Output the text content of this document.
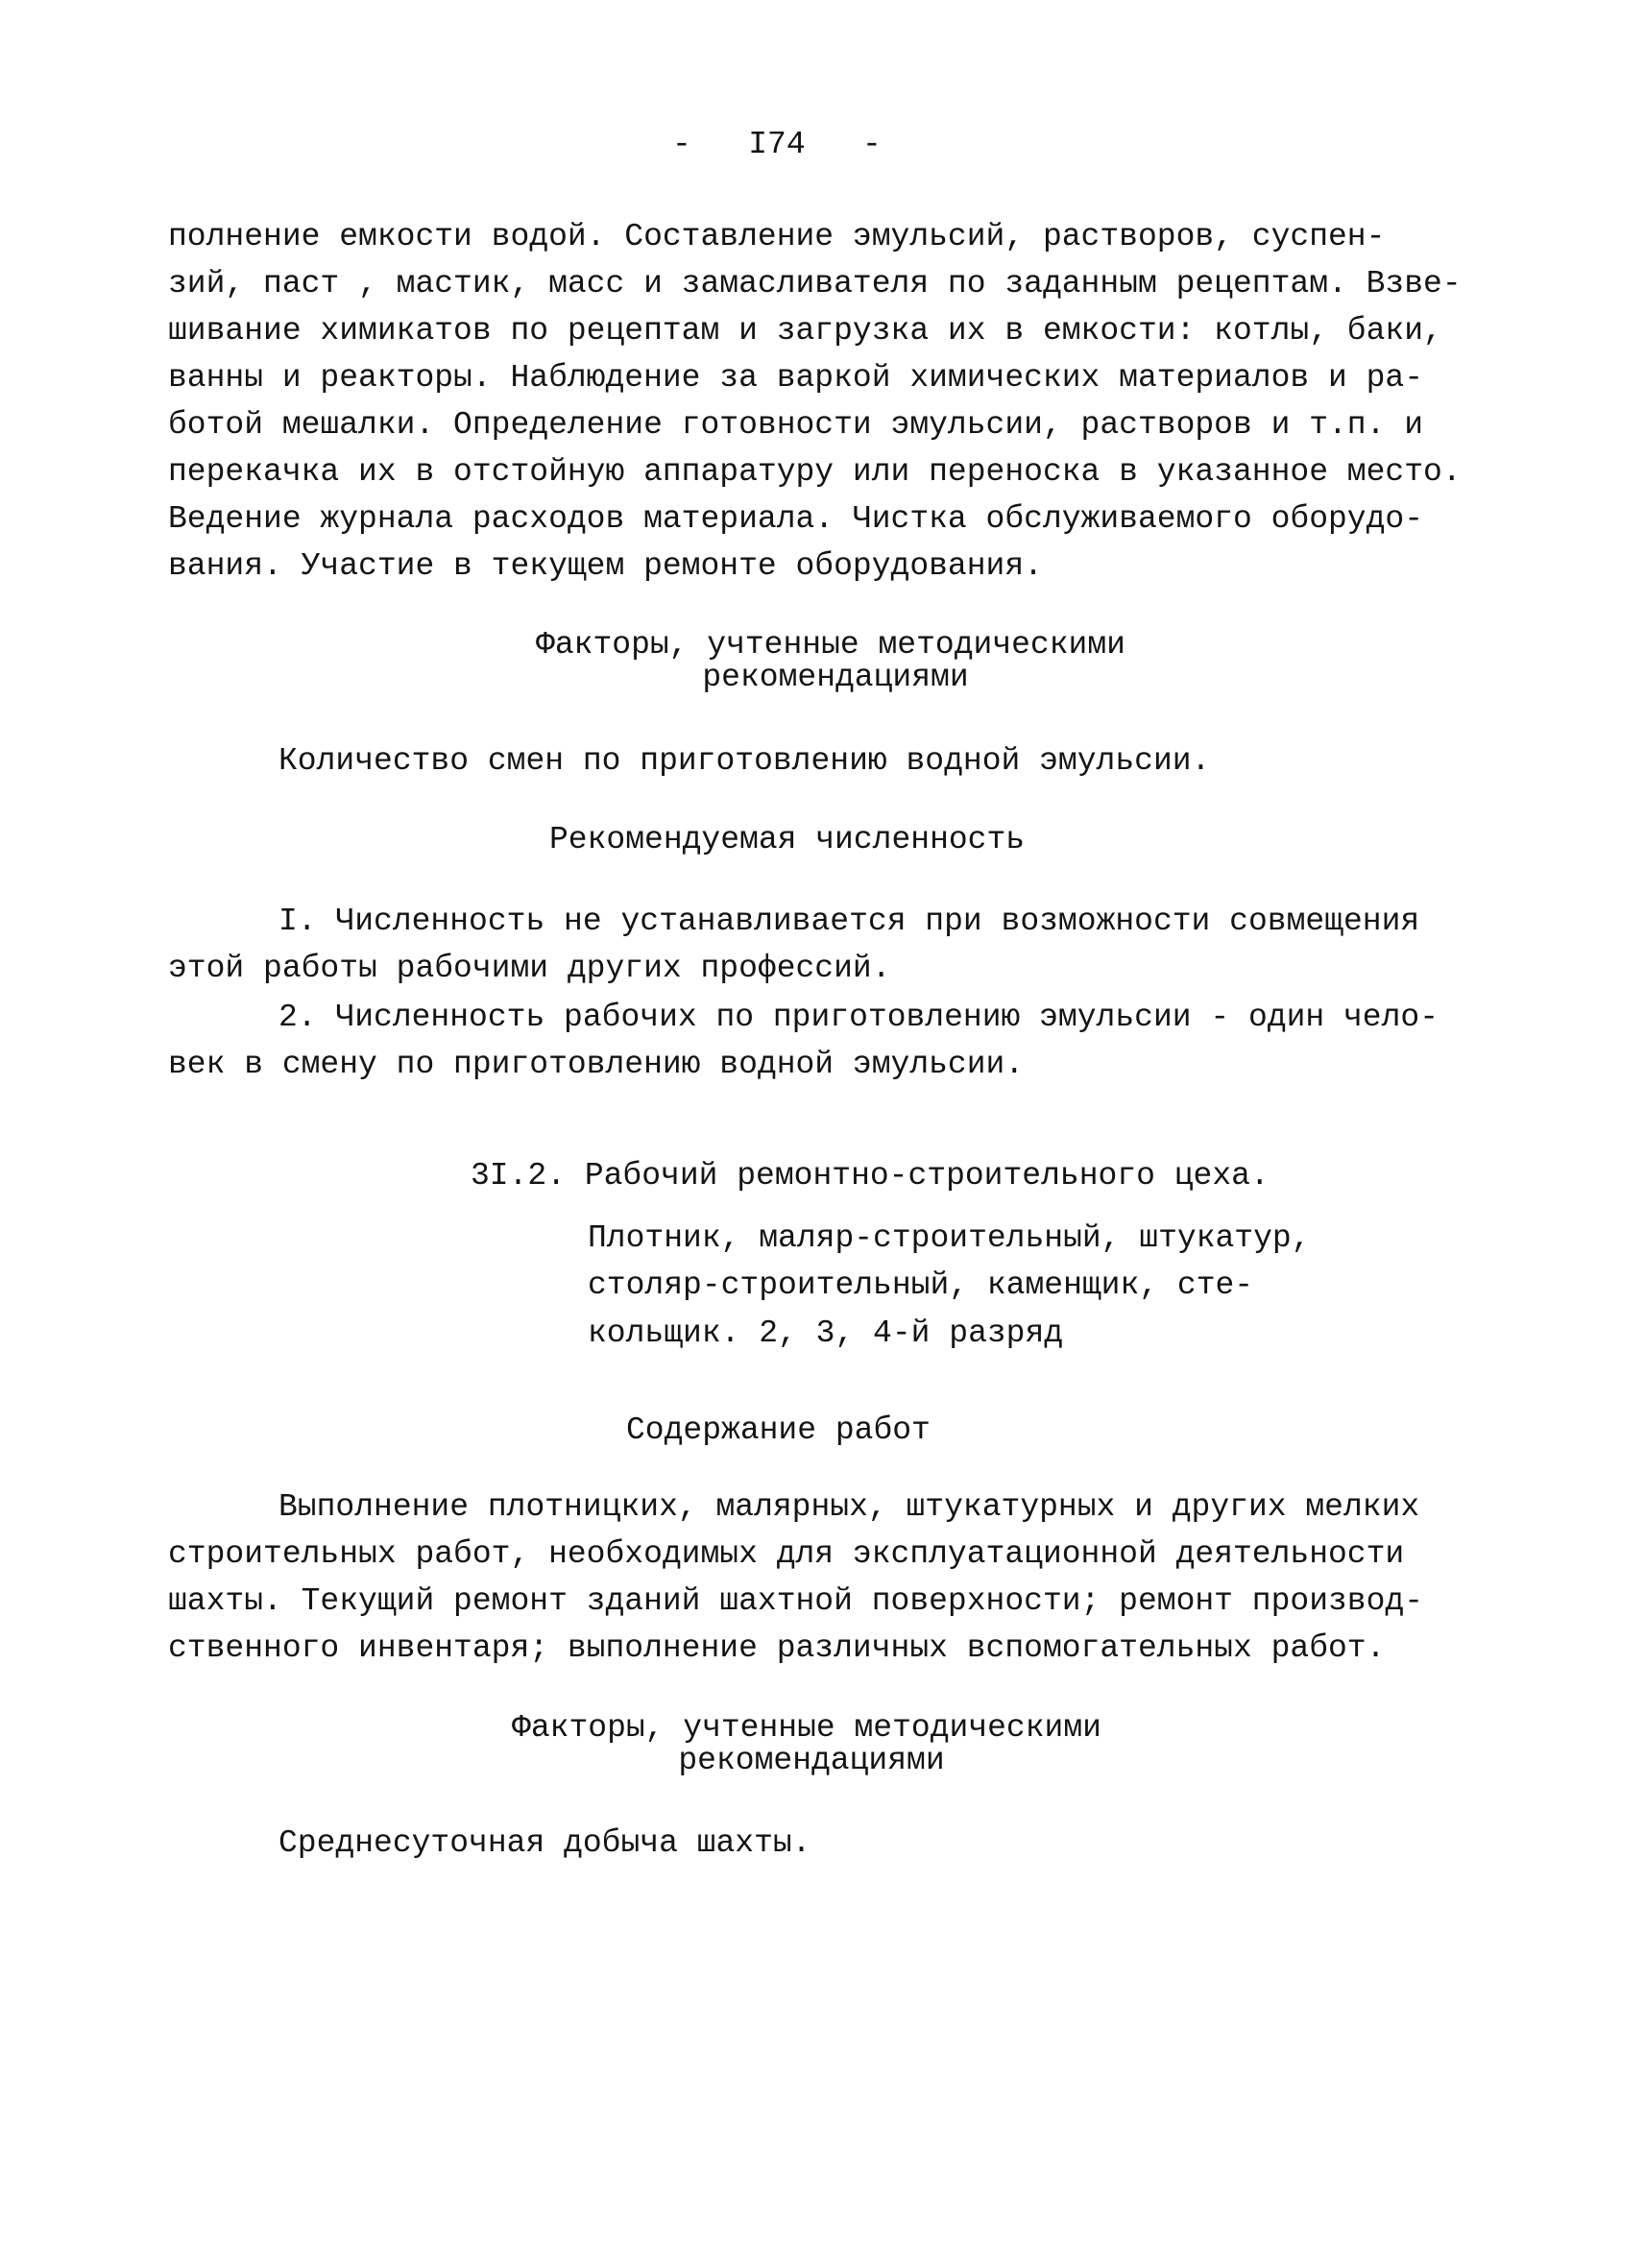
-   I74   -
полнение емкости водой. Составление эмульсий, растворов, суспен-
зий, паст , мастик, масс и замасливателя по заданным рецептам. Взве-
шивание химикатов по рецептам и загрузка их в емкости: котлы, баки,
ванны и реакторы. Наблюдение за варкой химических материалов и ра-
ботой мешалки. Определение готовности эмульсии, растворов и т.п. и
перекачка их в отстойную аппаратуру или переноска в указанное место.
Ведение журнала расходов материала. Чистка обслуживаемого оборудо-
вания. Участие в текущем ремонте оборудования.
Факторы, учтенные методическими
рекомендациями
Количество смен по приготовлению водной эмульсии.
Рекомендуемая численность
I. Численность не устанавливается при возможности совмещения
этой работы рабочими других профессий.
2. Численность рабочих по приготовлению эмульсии - один чело-
век в смену по приготовлению водной эмульсии.
3I.2. Рабочий ремонтно-строительного цеха.
Плотник, маляр-строительный, штукатур,
столяр-строительный, каменщик, сте-
кольщик. 2, 3, 4-й разряд
Содержание работ
Выполнение плотницких, малярных, штукатурных и других мелких
строительных работ, необходимых для эксплуатационной деятельности
шахты. Текущий ремонт зданий шахтной поверхности; ремонт производ-
ственного инвентаря; выполнение различных вспомогательных работ.
Факторы, учтенные методическими
рекомендациями
Среднесуточная добыча шахты.
